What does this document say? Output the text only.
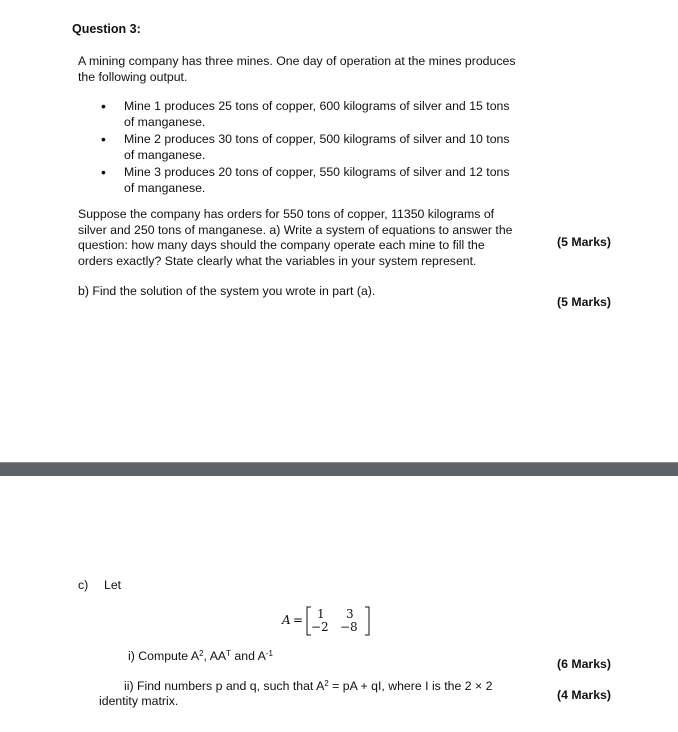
Question 3:
A mining company has three mines. One day of operation at the mines produces
the following output.
• Mine 1 produces 25 tons of copper, 600 kilograms of silver and 15 tons
of manganese.
• Mine 2 produces 30 tons of copper, 500 kilograms of silver and 10 tons
of manganese.
• Mine 3 produces 20 tons of copper, 550 kilograms of silver and 12 tons
of manganese.
Suppose the company has orders for 550 tons of copper, 11350 kilograms of
silver and 250 tons of manganese. a) Write a system of equations to answer the
question: how many days should the company operate each mine to fill the
orders exactly? State clearly what the variables in your system represent.
(5 Marks)
b) Find the solution of the system you wrote in part (a).
(5 Marks)
c) Let
A = 1 3
−2 −8
i) Compute $A^2$, $AA^T$ and $A^{-1}$
(6 Marks)
ii) Find numbers p and q, such that $A^2$ = pA + qI, where I is the 2 × 2
identity matrix.	(4 Marks)
